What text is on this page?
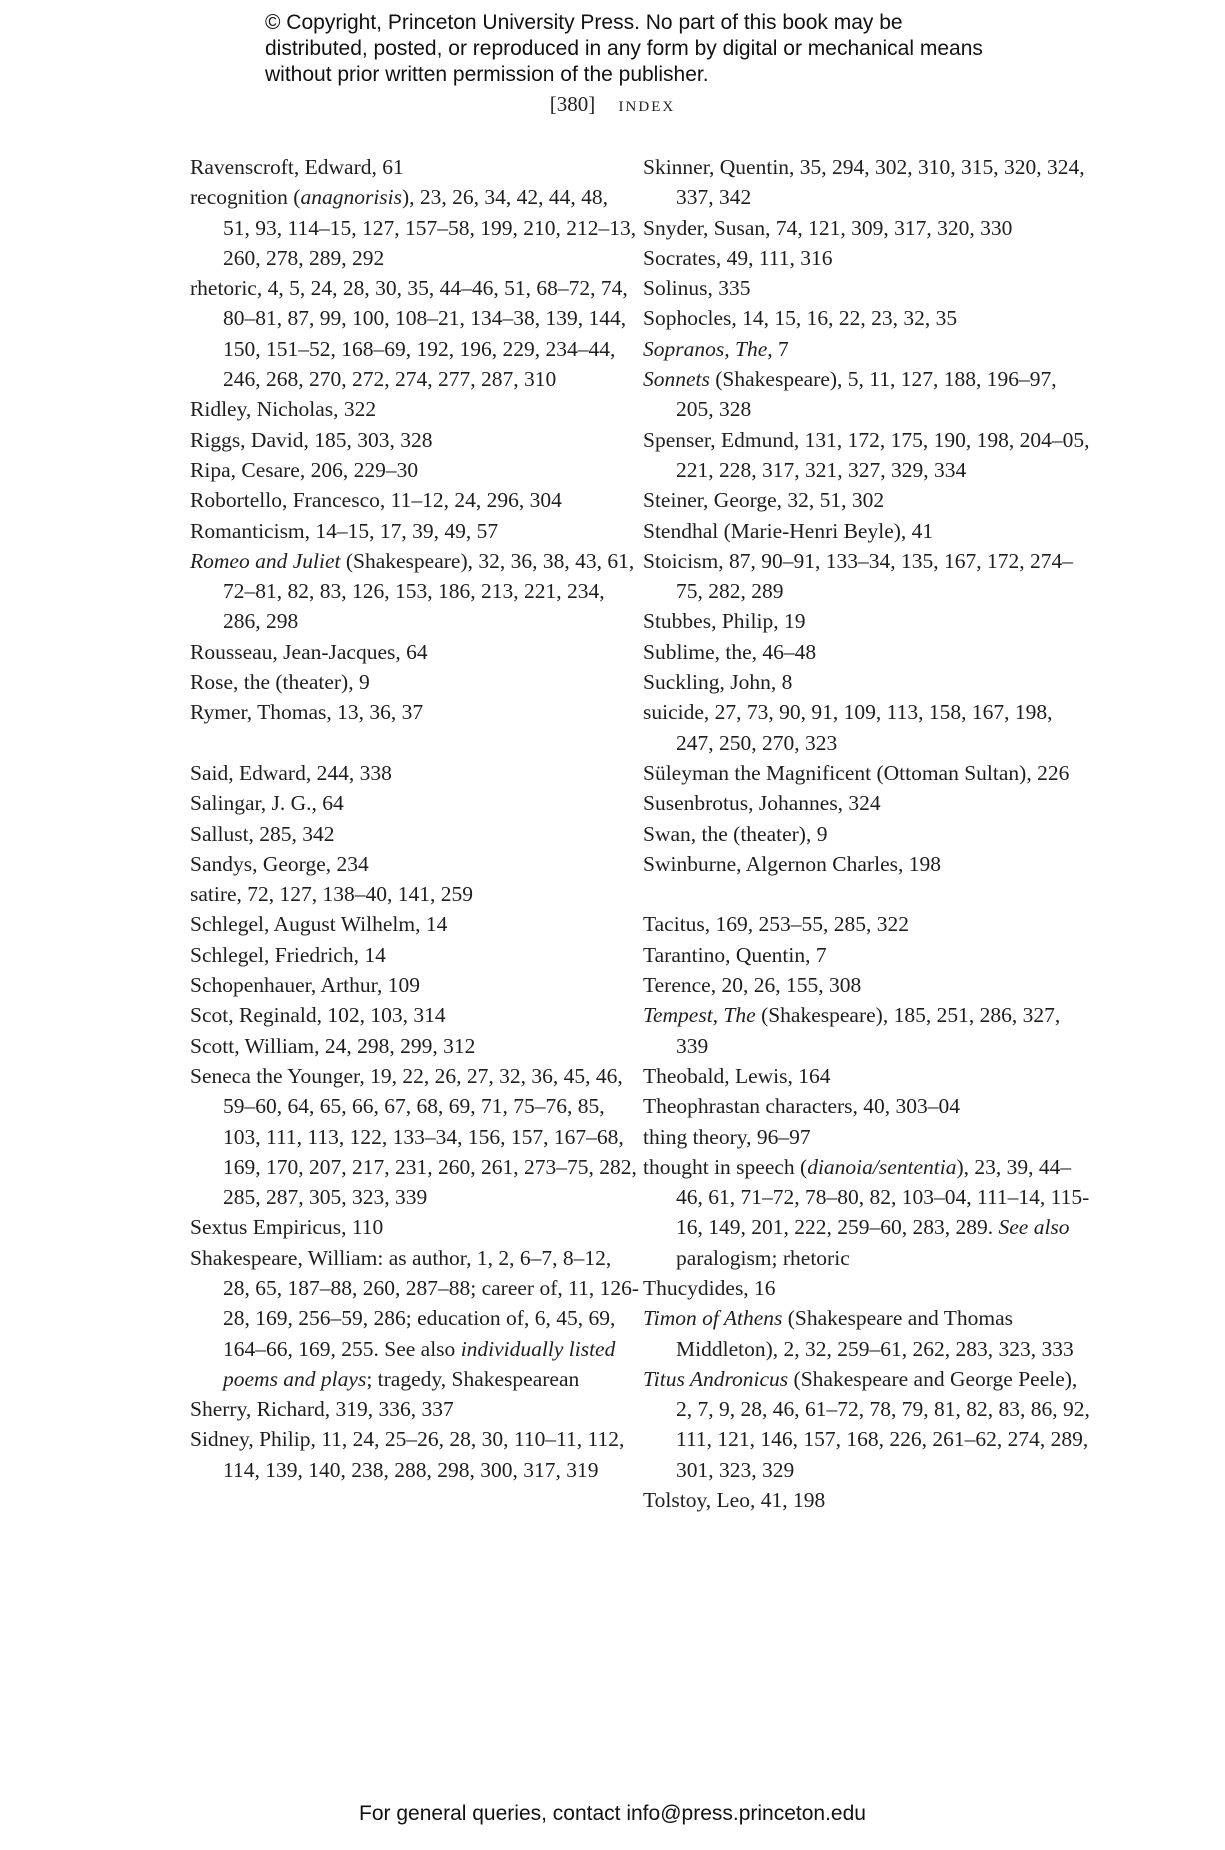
© Copyright, Princeton University Press. No part of this book may be distributed, posted, or reproduced in any form by digital or mechanical means without prior written permission of the publisher.

[380] index
Ravenscroft, Edward, 61
recognition (anagnorisis), 23, 26, 34, 42, 44, 48, 51, 93, 114–15, 127, 157–58, 199, 210, 212–13, 260, 278, 289, 292
rhetoric, 4, 5, 24, 28, 30, 35, 44–46, 51, 68–72, 74, 80–81, 87, 99, 100, 108–21, 134–38, 139, 144, 150, 151–52, 168–69, 192, 196, 229, 234–44, 246, 268, 270, 272, 274, 277, 287, 310
Ridley, Nicholas, 322
Riggs, David, 185, 303, 328
Ripa, Cesare, 206, 229–30
Robortello, Francesco, 11–12, 24, 296, 304
Romanticism, 14–15, 17, 39, 49, 57
Romeo and Juliet (Shakespeare), 32, 36, 38, 43, 61, 72–81, 82, 83, 126, 153, 186, 213, 221, 234, 286, 298
Rousseau, Jean-Jacques, 64
Rose, the (theater), 9
Rymer, Thomas, 13, 36, 37
Said, Edward, 244, 338
Salingar, J. G., 64
Sallust, 285, 342
Sandys, George, 234
satire, 72, 127, 138–40, 141, 259
Schlegel, August Wilhelm, 14
Schlegel, Friedrich, 14
Schopenhauer, Arthur, 109
Scot, Reginald, 102, 103, 314
Scott, William, 24, 298, 299, 312
Seneca the Younger, 19, 22, 26, 27, 32, 36, 45, 46, 59–60, 64, 65, 66, 67, 68, 69, 71, 75–76, 85, 103, 111, 113, 122, 133–34, 156, 157, 167–68, 169, 170, 207, 217, 231, 260, 261, 273–75, 282, 285, 287, 305, 323, 339
Sextus Empiricus, 110
Shakespeare, William: as author, 1, 2, 6–7, 8–12, 28, 65, 187–88, 260, 287–88; career of, 11, 126-28, 169, 256–59, 286; education of, 6, 45, 69, 164–66, 169, 255. See also individually listed poems and plays; tragedy, Shakespearean
Sherry, Richard, 319, 336, 337
Sidney, Philip, 11, 24, 25–26, 28, 30, 110–11, 112, 114, 139, 140, 238, 288, 298, 300, 317, 319
Skinner, Quentin, 35, 294, 302, 310, 315, 320, 324, 337, 342
Snyder, Susan, 74, 121, 309, 317, 320, 330
Socrates, 49, 111, 316
Solinus, 335
Sophocles, 14, 15, 16, 22, 23, 32, 35
Sopranos, The, 7
Sonnets (Shakespeare), 5, 11, 127, 188, 196–97, 205, 328
Spenser, Edmund, 131, 172, 175, 190, 198, 204–05, 221, 228, 317, 321, 327, 329, 334
Steiner, George, 32, 51, 302
Stendhal (Marie-Henri Beyle), 41
Stoicism, 87, 90–91, 133–34, 135, 167, 172, 274–75, 282, 289
Stubbes, Philip, 19
Sublime, the, 46–48
Suckling, John, 8
suicide, 27, 73, 90, 91, 109, 113, 158, 167, 198, 247, 250, 270, 323
Süleyman the Magnificent (Ottoman Sultan), 226
Susenbrotus, Johannes, 324
Swan, the (theater), 9
Swinburne, Algernon Charles, 198
Tacitus, 169, 253–55, 285, 322
Tarantino, Quentin, 7
Terence, 20, 26, 155, 308
Tempest, The (Shakespeare), 185, 251, 286, 327, 339
Theobald, Lewis, 164
Theophrastan characters, 40, 303–04
thing theory, 96–97
thought in speech (dianoia/sententia), 23, 39, 44–46, 61, 71–72, 78–80, 82, 103–04, 111–14, 115-16, 149, 201, 222, 259–60, 283, 289. See also paralogism; rhetoric
Thucydides, 16
Timon of Athens (Shakespeare and Thomas Middleton), 2, 32, 259–61, 262, 283, 323, 333
Titus Andronicus (Shakespeare and George Peele), 2, 7, 9, 28, 46, 61–72, 78, 79, 81, 82, 83, 86, 92, 111, 121, 146, 157, 168, 226, 261–62, 274, 289, 301, 323, 329
Tolstoy, Leo, 41, 198
For general queries, contact info@press.princeton.edu
